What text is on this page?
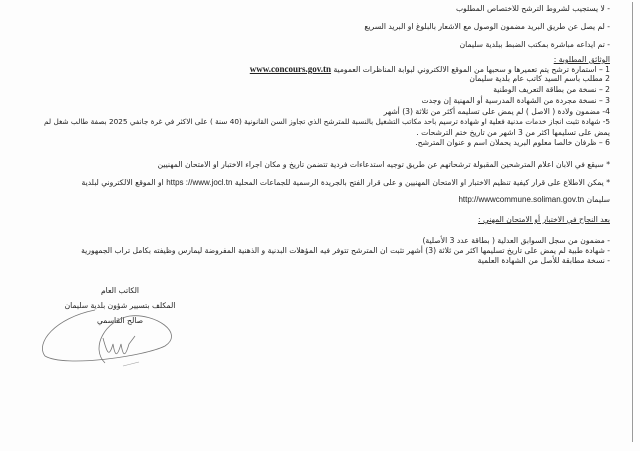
- لا يستجيب لشروط الترشح للاختصاص المطلوب
- لم يصل عن طريق البريد مضمون الوصول مع الاشعار بالبلوغ او البريد السريع
- تم ايداعه مباشرة بمكتب الضبط ببلدية سليمان
الوثائق المطلوبة :
1 – استمارة ترشح يتم تعميرها و سحبها من الموقع الالكتروني لبوابة المناظرات العمومية www.concours.gov.tn
2 مطلب باسم السيد كاتب عام بلدية سليمان
2 – نسخة من بطاقة التعريف الوطنية
3 – نسخة مجردة من الشهادة المدرسية أو المهنية إن وجدت
4- مضمون ولادة ( الاصل ) لم يمض على تسليمه أكثر من ثلاثة (3) أشهر
5- شهادة تثبت انجاز خدمات مدنية فعلية او شهادة ترسيم باحد مكاتب التشغيل بالنسبة للمترشح الذي تجاوز السن القانونية (40 سنة ) على الاكثر في غرة جانفي 2025 بصفة طالب شغل لم
يمض على تسليمها اكثر من 3 اشهر من تاريخ ختم الترشحات .
6 – ظرفان خالصا معلوم البريد يحملان اسم و عنوان المترشح.
* سيقع في الابان اعلام المترشحين المقبولة ترشحاتهم عن طريق توجيه استدعاءات فردية تتضمن تاريخ و مكان اجراء الاختبار او الامتحان المهنيين
* يمكن الاطلاع على قرار كيفية تنظيم الاختبار او الامتحان المهنيين و على قرار الفتح بالجريدة الرسمية للجماعات المحلية https ://www.jocl.tn او الموقع الالكتروني لبلدية
سليمان http://wwwcommune.soliman.gov.tn
بعد النجاح في الاختبار أو الامتحان المهني :
- مضمون من سجل السوابق العدلية ( بطاقة عدد 3 الأصلية)
- شهادة طبية لم يمض على تاريخ تسليمها اكثر من ثلاثة (3) أشهر تثبت ان المترشح تتوفر فيه المؤهلات البدنية و الذهنية المفروضة ليمارس وظيفته بكامل تراب الجمهورية
- نسخة مطابقة للأصل من الشهادة العلمية
الكاتب العام
المكلف بتسيير شؤون بلدية سليمان
صالح القاسمي
